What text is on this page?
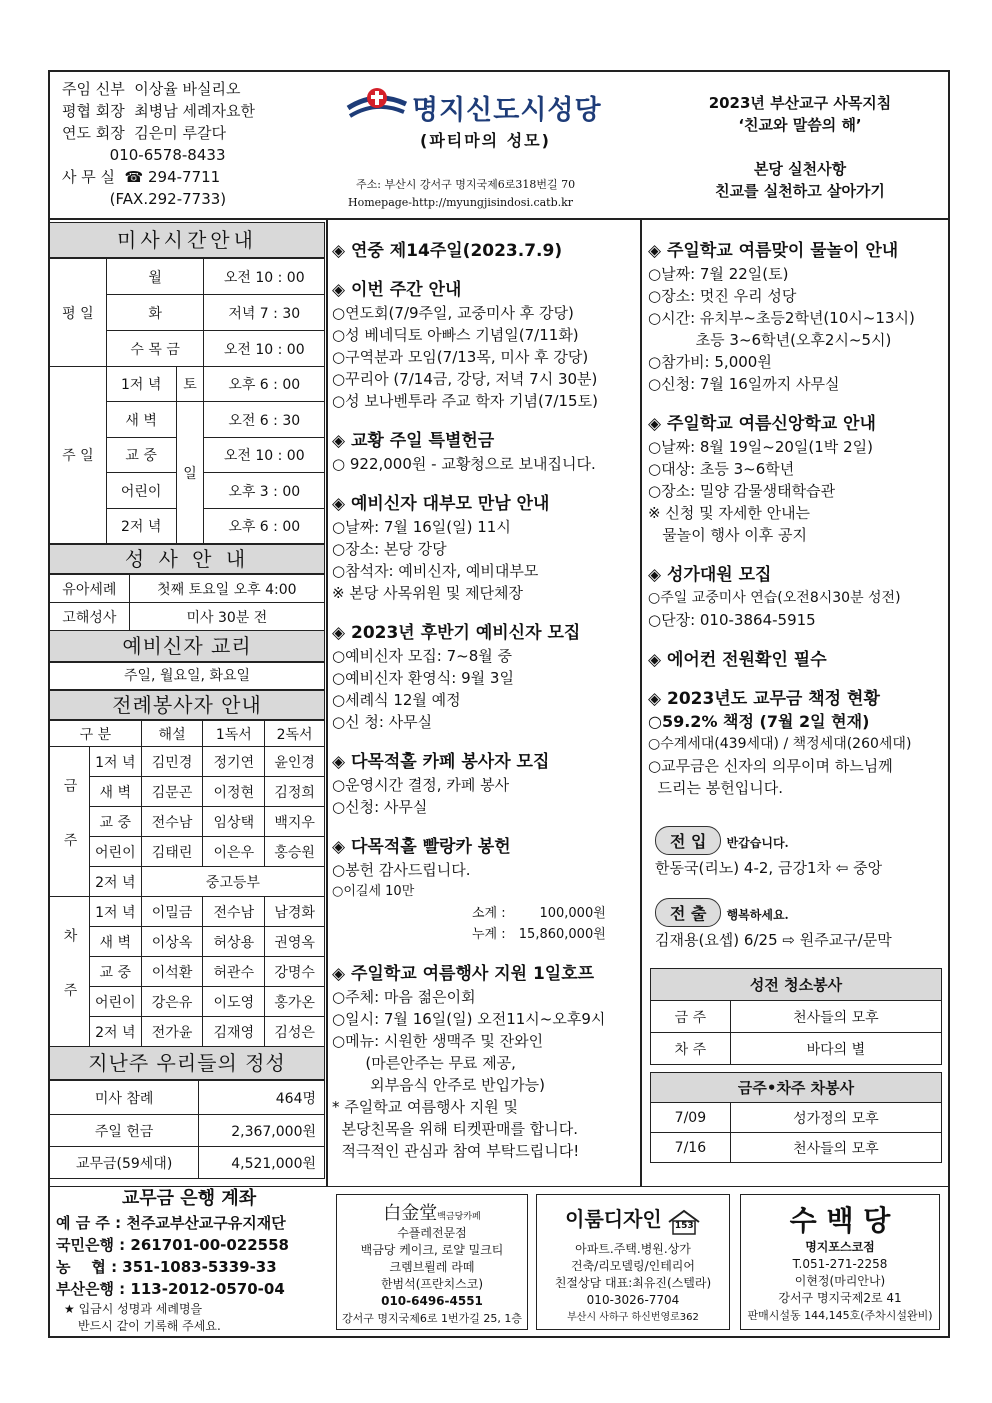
주임 신부  이상율 바실리오
평협 회장  최병남 세례자요한
연도 회장  김은미 루갈다
010-6578-8433
사 무 실  ☎ 294-7711
(FAX.292-7733)
명지신도시성당
(파티마의 성모)
주소: 부산시 강서구 명지국제6로318번길 70
Homepage-http://myungjisindosi.catb.kr
2023년 부산교구 사목지침
‘친교와 말씀의 해’
본당 실천사항
친교를 실천하고 살아가기
미사시간안내
평 일	월		오전 10 : 00
	화		저녁 7 : 30
	수 목 금		오전 10 : 00
주 일	1저 녁	토	오후 6 : 00
	새 벽	일	오전 6 : 30
	교 중		오전 10 : 00
	어린이		오후 3 : 00
	2저 녁		오후 6 : 00
성 사 안 내
유아세례	첫째 토요일 오후 4:00
고해성사	미사 30분 전
예비신자 교리
주일, 월요일, 화요일
전례봉사자 안내
구 분		해설	1독서	2독서
금 주	1저 녁	김민경	정기연	윤인경
	새 벽	김문곤	이정현	김정희
	교 중	전수남	임상택	백지우
	어린이	김태린	이은우	홍승원
	2저 녁	중고등부		
차 주	1저 녁	이밀금	전수남	남경화
	새 벽	이상옥	허상용	권영옥
	교 중	이석환	허관수	강명수
	어린이	강은유	이도영	홍가온
	2저 녁	전가윤	김재영	김성은
지난주 우리들의 정성
미사 참례	464명
주일 헌금	2,367,000원
교무금(59세대)	4,521,000원
교무금 은행 계좌

예 금 주 : 천주교부산교구유지재단

국민은행 : 261701-00-022558

농    협 : 351-1083-5339-33

부산은행 : 113-2012-0570-04

★ 입금시 성명과 세례명을
반드시 같이 기록해 주세요.
◈ 연중 제14주일(2023.7.9)
◈ 이번 주간 안내

○연도회(7/9주일, 교중미사 후 강당)

○성 베네딕토 아빠스 기념일(7/11화)

○구역분과 모임(7/13목, 미사 후 강당)

○꾸리아 (7/14금, 강당, 저녁 7시 30분)

○성 보나벤투라 주교 학자 기념(7/15토)

◈ 교황 주일 특별헌금

○ 922,000원 - 교황청으로 보내집니다.

◈ 예비신자 대부모 만남 안내

○날짜: 7월 16일(일) 11시

○장소: 본당 강당

○참석자: 예비신자, 예비대부모

※ 본당 사목위원 및 제단체장

◈ 2023년 후반기 예비신자 모집

○예비신자 모집: 7~8월 중

○예비신자 환영식: 9월 3일

○세례식 12월 예정

○신 청: 사무실

◈ 다목적홀 카페 봉사자 모집

○운영시간 결정, 카페 봉사

○신청: 사무실

◈ 다목적홀 빨랑카 봉헌

○봉헌 감사드립니다.

○이길세 10만

소계 :	100,000원
누계 : 15,860,000원
◈ 주일학교 여름행사 지원 1일호프

○주체: 마음 젊은이회

○일시: 7월 16일(일) 오전11시~오후9시

○메뉴: 시원한 생맥주 및 잔와인

(마른안주는 무료 제공,

외부음식 안주로 반입가능)

* 주일학교 여름행사 지원 및

본당친목을 위해 티켓판매를 합니다.

적극적인 관심과 참여 부탁드립니다!

◈ 주일학교 여름맞이 물놀이 안내

○날짜: 7월 22일(토)

○장소: 멋진 우리 성당

○시간: 유치부~초등2학년(10시~13시)

초등 3~6학년(오후2시~5시)

○참가비: 5,000원

○신청: 7월 16일까지 사무실

◈ 주일학교 여름신앙학교 안내

○날짜: 8월 19일~20일(1박 2일)

○대상: 초등 3~6학년

○장소: 밀양 감물생태학습관

※ 신청 및 자세한 안내는

물놀이 행사 이후 공지

◈ 성가대원 모집

○주일 교중미사 연습(오전8시30분 성전)

○단장: 010-3864-5915

◈ 에어컨 전원확인 필수
◈ 2023년도 교무금 책정 현황

○59.2% 책정 (7월 2일 현재)

○수계세대(439세대) / 책정세대(260세대)

○교무금은 신자의 의무이며 하느님께

드리는 봉헌입니다.

전 입 반갑습니다.
한동국(리노) 4-2, 금강1차 ⇦ 중앙
전 출 행복하세요.
김재용(요셉) 6/25 ⇨ 원주교구/문막
성전 청소봉사	
금 주	천사들의 모후
차 주	바다의 별
금주•차주 차봉사	
7/09	성가정의 모후
7/16	천사들의 모후
白金堂백금당카페

수플레전문점

백금당 케이크, 로얄 밀크티

크렘브륄레 라떼

한범석(프란치스코)

010-6496-4551

강서구 명지국제6로 1번가길 25, 1층

이룸디자인 153

아파트.주택.병원.상가

건축/리모델링/인테리어

친절상담 대표:최유진(스텔라)

010-3026-7704

부산시 사하구 하신번영로362

수 백 당

명지포스코점

T.051-271-2258

이현정(마리안나)

강서구 명지국제2로 41

판매시설동 144,145호(주차시설완비)
